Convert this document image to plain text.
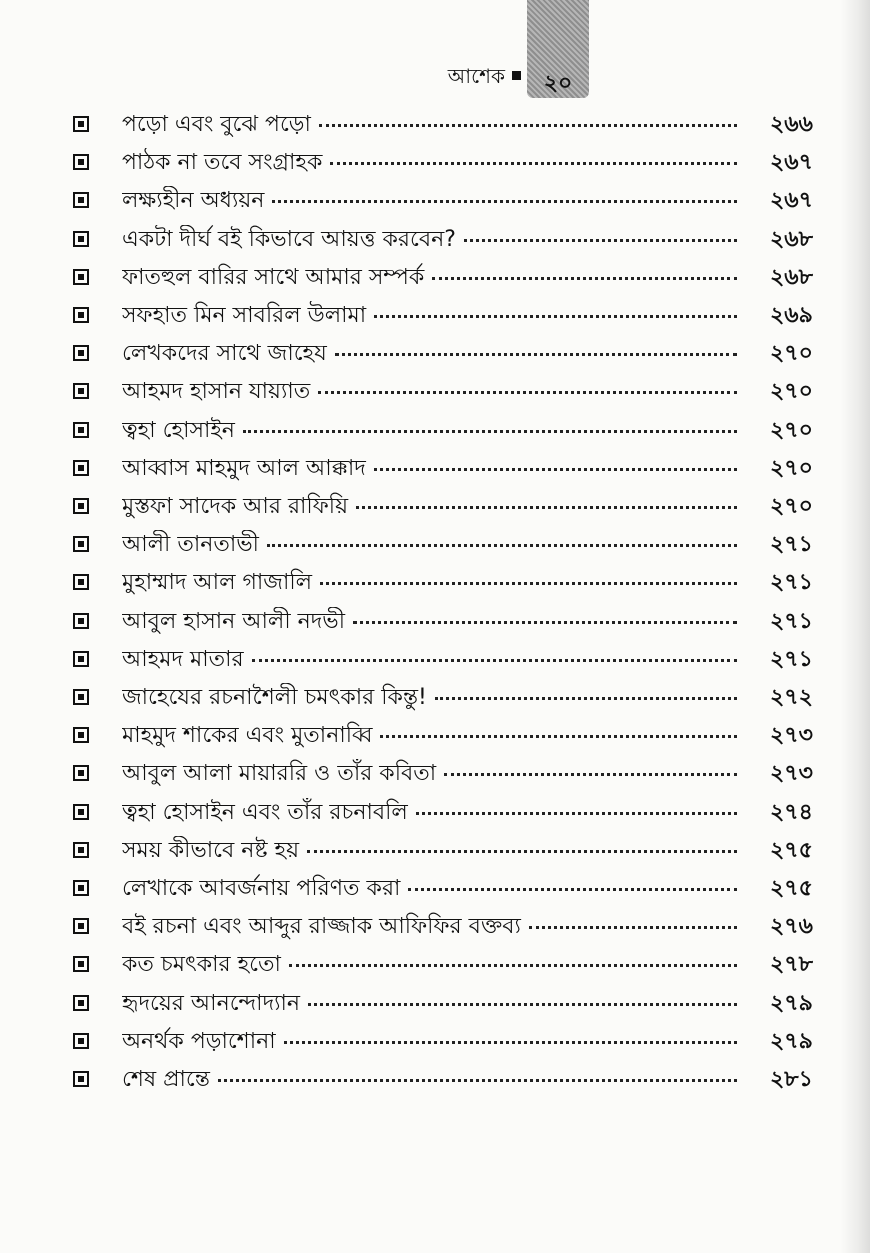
আশেক	২০
পড়ো এবং বুঝে পড়ো	২৬৬
পাঠক না তবে সংগ্রাহক	২৬৭
লক্ষ্যহীন অধ্যয়ন	২৬৭
একটা দীর্ঘ বই কিভাবে আয়ত্ত করবেন?	২৬৮
ফাতহুল বারির সাথে আমার সম্পর্ক	২৬৮
সফহাত মিন সাবরিল উলামা	২৬৯
লেখকদের সাথে জাহেয	২৭০
আহমদ হাসান যায়্যাত	২৭০
ত্বহা হোসাইন	২৭০
আব্বাস মাহমুদ আল আক্কাদ	২৭০
মুস্তফা সাদেক আর রাফিয়ি	২৭০
আলী তানতাভী	২৭১
মুহাম্মাদ আল গাজালি	২৭১
আবুল হাসান আলী নদভী	২৭১
আহমদ মাতার	২৭১
জাহেযের রচনাশৈলী চমৎকার কিন্তু!	২৭২
মাহমুদ শাকের এবং মুতানাব্বি	২৭৩
আবুল আলা মায়াররি ও তাঁর কবিতা	২৭৩
ত্বহা হোসাইন এবং তাঁর রচনাবলি	২৭৪
সময় কীভাবে নষ্ট হয়	২৭৫
লেখাকে আবর্জনায় পরিণত করা	২৭৫
বই রচনা এবং আব্দুর রাজ্জাক আফিফির বক্তব্য	২৭৬
কত চমৎকার হতো	২৭৮
হৃদয়ের আনন্দোদ্যান	২৭৯
অনর্থক পড়াশোনা	২৭৯
শেষ প্রান্তে	২৮১
